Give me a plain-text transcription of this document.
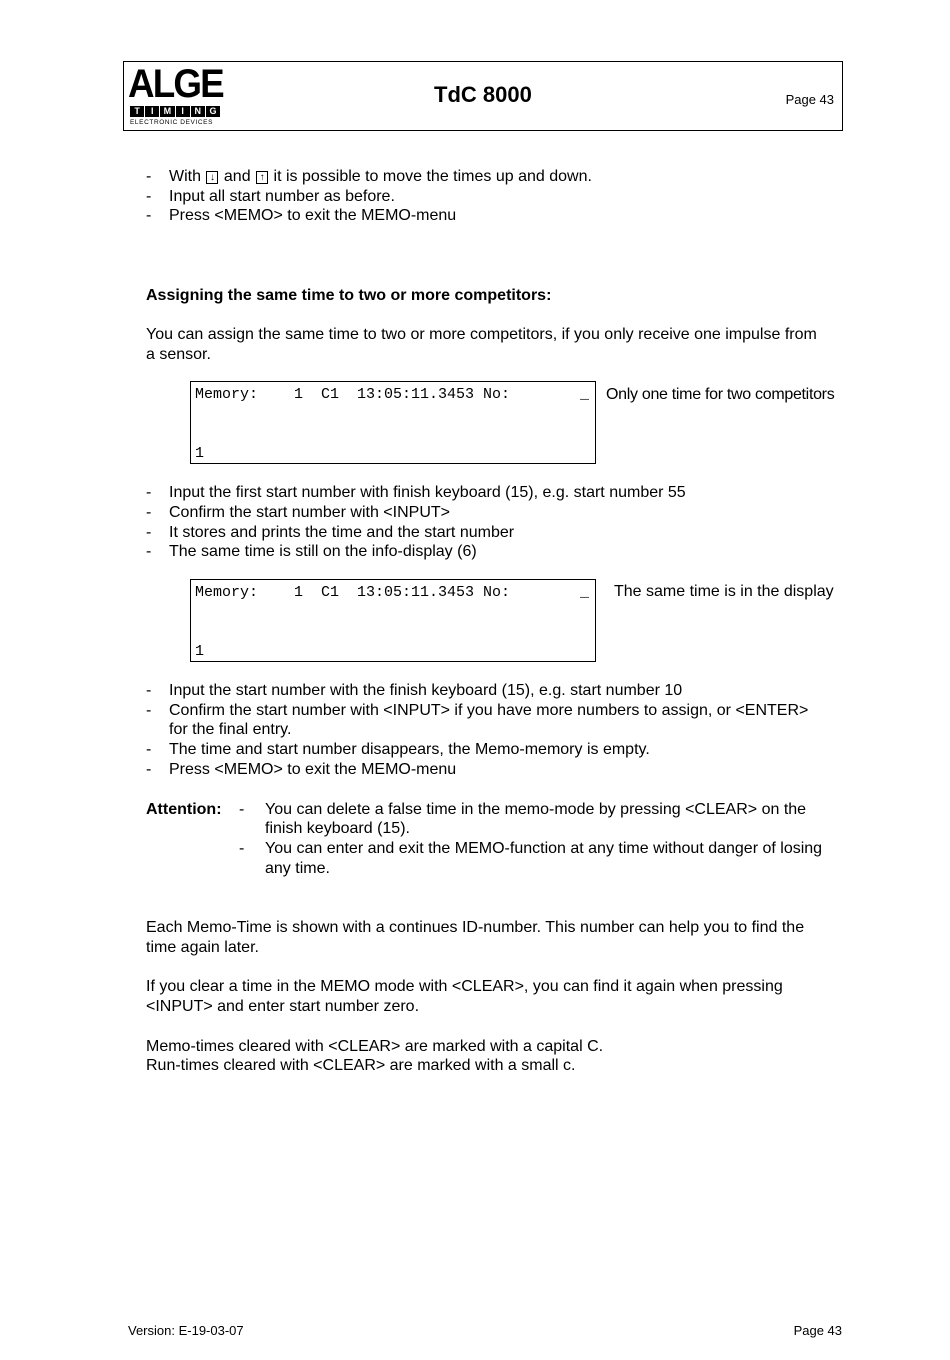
ALGE
T	I	M	I	N G
ELECTRONIC DEVICES
TdC 8000	Page 43
- With ↓ and ↑ it is possible to move the times up and down.
- Input all start number as before.
- Press <MEMO> to exit the MEMO-menu
Assigning the same time to two or more competitors:
You can assign the same time to two or more competitors, if you only receive one impulse from
a sensor.
Memory:    1  C1  13:05:11.3453 No:	_
1
Only one time for two competitors
- Input the first start number with finish keyboard (15), e.g. start number 55
- Confirm the start number with <INPUT>
- It stores and prints the time and the start number
- The same time is still on the info-display (6)
Memory:    1  C1  13:05:11.3453 No:	_
1
The same time is in the display
- Input the start number with the finish keyboard (15), e.g. start number 10
- Confirm the start number with <INPUT> if you have more numbers to assign, or <ENTER>
for the final entry.
- The time and start number disappears, the Memo-memory is empty.
- Press <MEMO> to exit the MEMO-menu
Attention: - You can delete a false time in the memo-mode by pressing <CLEAR> on the
finish keyboard (15).
- You can enter and exit the MEMO-function at any time without danger of losing
any time.
Each Memo-Time is shown with a continues ID-number. This number can help you to find the
time again later.
If you clear a time in the MEMO mode with <CLEAR>, you can find it again when pressing
<INPUT> and enter start number zero.
Memo-times cleared with <CLEAR> are marked with a capital C.
Run-times cleared with <CLEAR> are marked with a small c.
Version: E-19-03-07	Page 43
